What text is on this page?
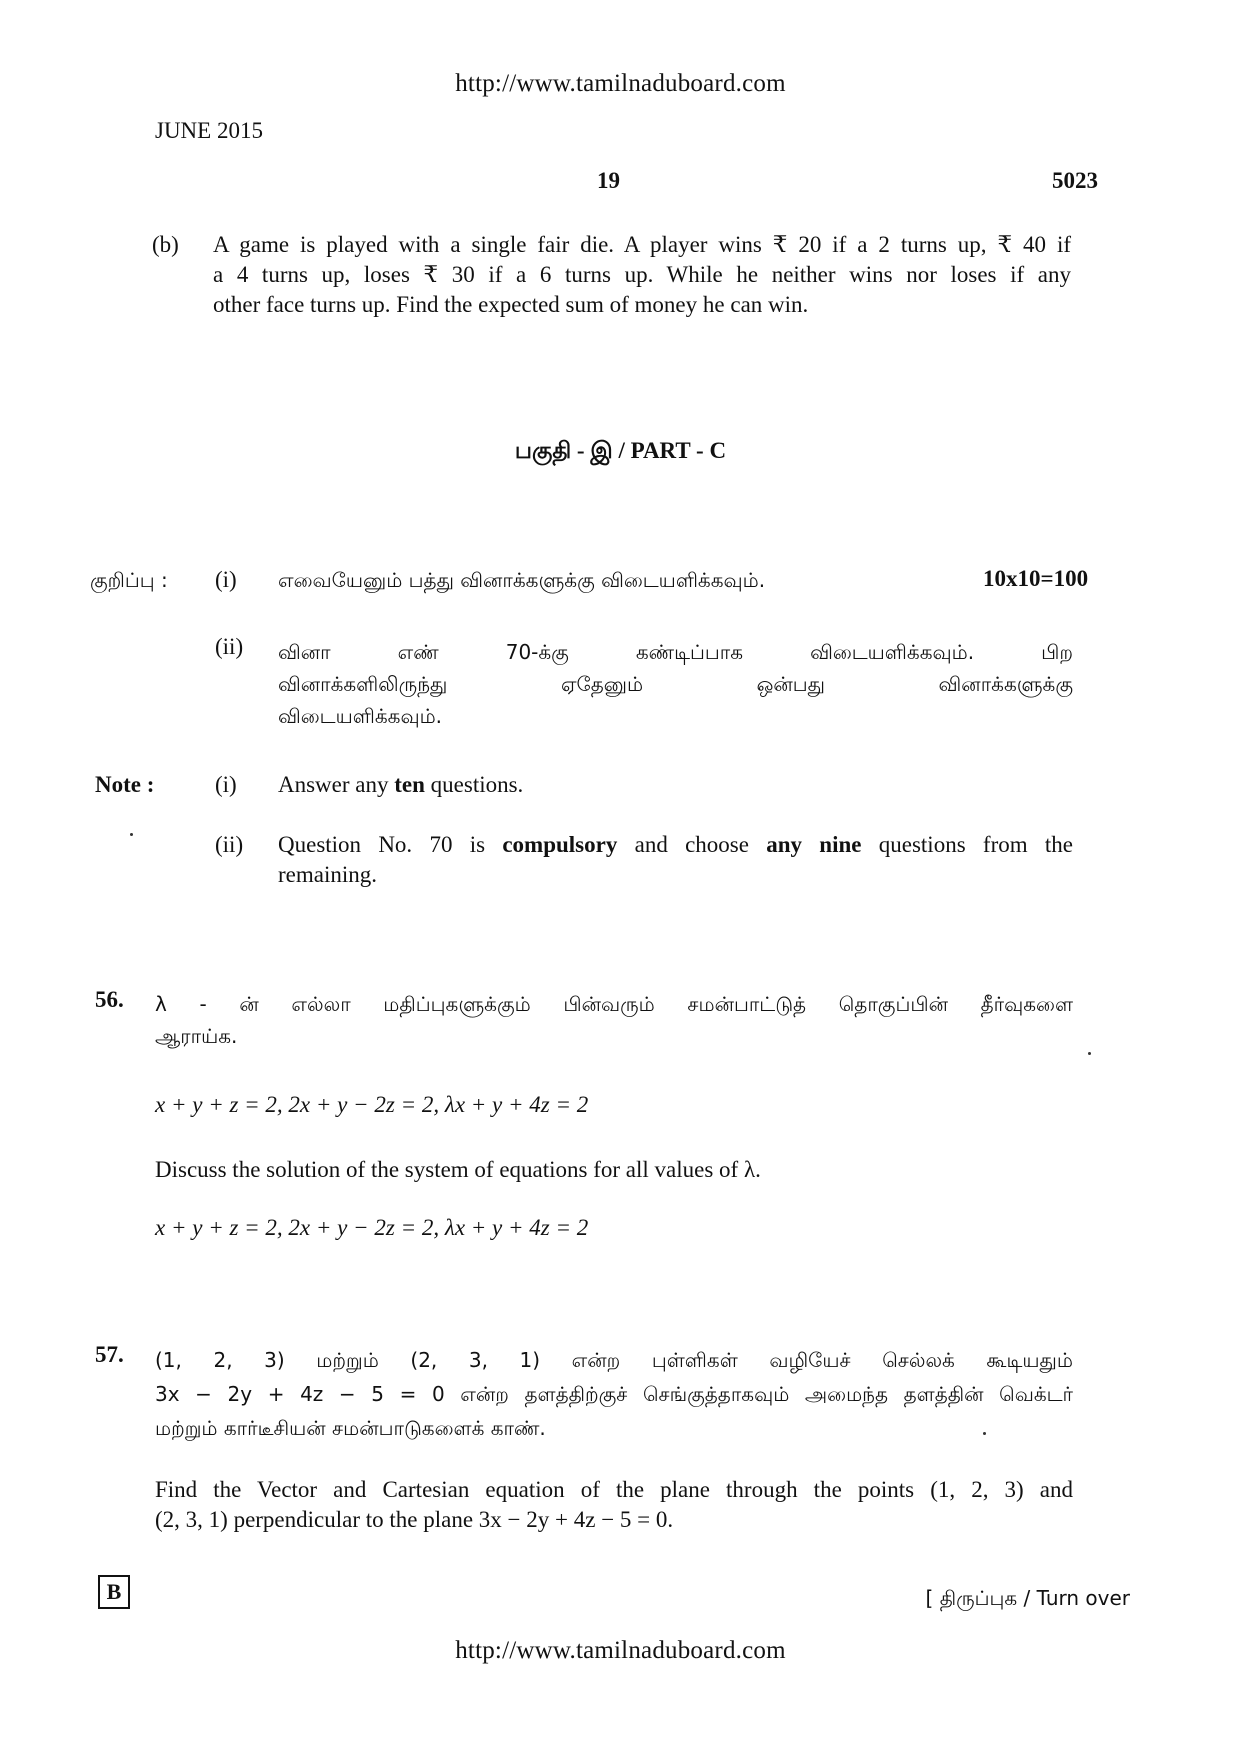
http://www.tamilnaduboard.com
JUNE 2015
19	5023
(b) A game is played with a single fair die. A player wins ₹ 20 if a 2 turns up, ₹ 40 if
a 4 turns up, loses ₹ 30 if a 6 turns up. While he neither wins nor loses if any
other face turns up. Find the expected sum of money he can win.
பகுதி - இ / PART - C
குறிப்பு : (i) எவையேனும் பத்து வினாக்களுக்கு விடையளிக்கவும்.	10x10=100
(ii) வினா எண் 70-க்கு கண்டிப்பாக விடையளிக்கவும். பிற
வினாக்களிலிருந்து ஏதேனும் ஒன்பது வினாக்களுக்கு
விடையளிக்கவும்.
Note :	(i) Answer any ten questions.
(ii) Question No. 70 is compulsory and choose any nine questions from the
remaining.
56. λ - ன் எல்லா மதிப்புகளுக்கும் பின்வரும் சமன்பாட்டுத் தொகுப்பின் தீர்வுகளை
ஆராய்க.
x + y + z = 2, 2x + y − 2z = 2, λx + y + 4z = 2
Discuss the solution of the system of equations for all values of λ.
x + y + z = 2, 2x + y − 2z = 2, λx + y + 4z = 2
57. (1, 2, 3) மற்றும் (2, 3, 1) என்ற புள்ளிகள் வழியேச் செல்லக் கூடியதும்
3x − 2y + 4z − 5 = 0 என்ற தளத்திற்குச் செங்குத்தாகவும் அமைந்த தளத்தின் வெக்டர்
மற்றும் கார்டீசியன் சமன்பாடுகளைக் காண்.
Find the Vector and Cartesian equation of the plane through the points (1, 2, 3) and
(2, 3, 1) perpendicular to the plane 3x − 2y + 4z − 5 = 0.
B	[ திருப்புக / Turn over
http://www.tamilnaduboard.com
